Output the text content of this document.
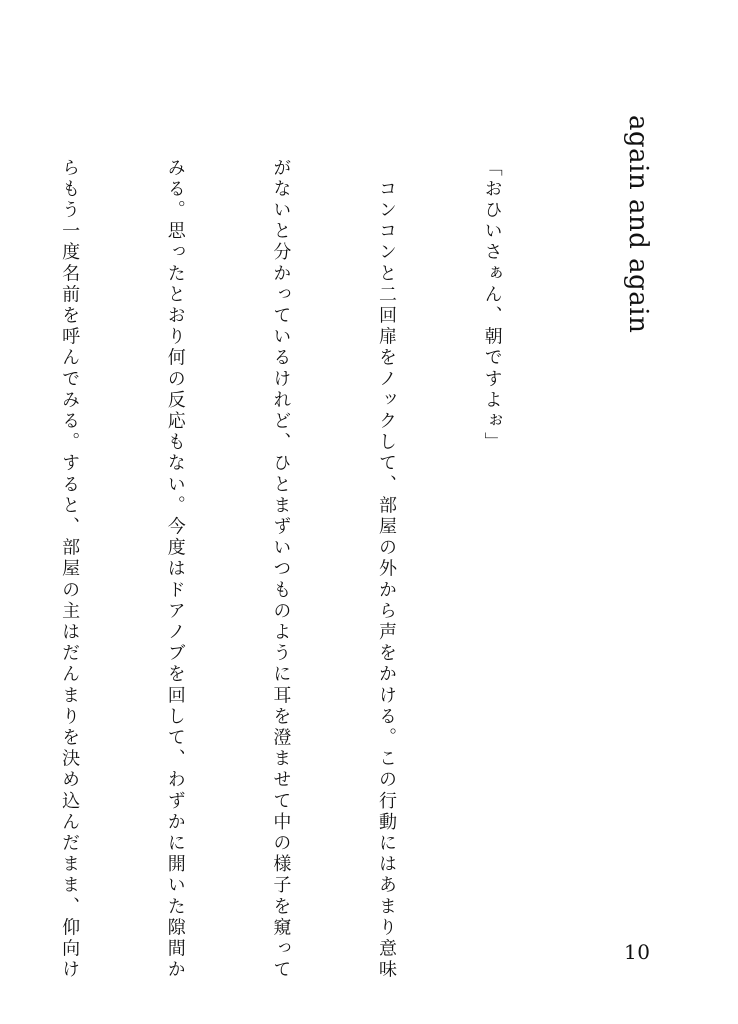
again and again

「おひいさぁん、朝ですよぉ」

　コンコンと二回扉をノックして、部屋の外から声をかける。この行動にはあまり意味

がないと分かっているけれど、ひとまずいつものように耳を澄ませて中の様子を窺って

みる。思ったとおり何の反応もない。今度はドアノブを回して、わずかに開いた隙間か

らもう一度名前を呼んでみる。すると、部屋の主はだんまりを決め込んだまま、仰向け

	10
